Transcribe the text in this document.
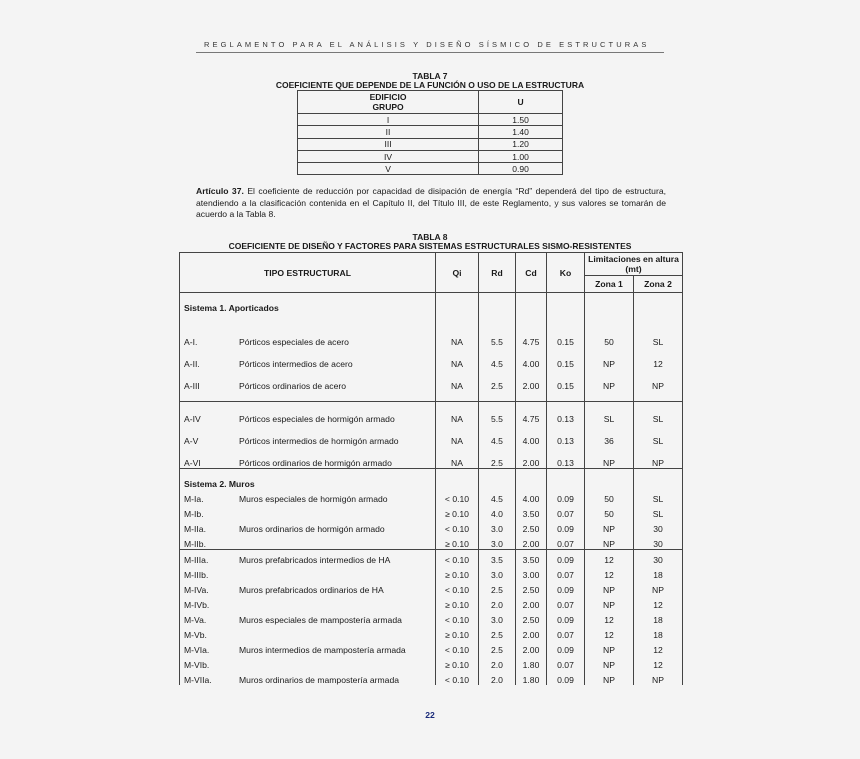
REGLAMENTO PARA EL ANÁLISIS Y DISEÑO SÍSMICO DE ESTRUCTURAS
TABLA 7
COEFICIENTE QUE DEPENDE DE LA FUNCIÓN O USO DE LA ESTRUCTURA
EDIFICIO
GRUPO	U
I	1.50
II	1.40
III	1.20
IV	1.00
V	0.90
Artículo 37. El coeficiente de reducción por capacidad de disipación de energía “Rd” dependerá del tipo de estructura, atendiendo a la clasificación contenida en el Capítulo II, del Título III, de este Reglamento, y sus valores se tomarán de acuerdo a la Tabla 8.
TABLA 8
COEFICIENTE DE DISEÑO Y FACTORES PARA SISTEMAS ESTRUCTURALES SISMO-RESISTENTES
TIPO ESTRUCTURAL	Qi	Rd	Cd	Ko	Limitaciones en altura (mt)	
					Zona 1	Zona 2
Sistema 1. Aporticados						

A-I. Pórticos especiales de acero	NA	5.5	4.75	0.15	50	SL
A-II. Pórticos intermedios de acero	NA	4.5	4.00	0.15	NP	12
A-III Pórticos ordinarios de acero	NA	2.5	2.00	0.15	NP	NP

A-IV Pórticos especiales de hormigón armado	NA	5.5	4.75	0.13	SL	SL
A-V Pórticos intermedios de hormigón armado	NA	4.5	4.00	0.13	36	SL
A-VI Pórticos ordinarios de hormigón armado	NA	2.5	2.00	0.13	NP	NP
Sistema 2. Muros						
M-Ia. Muros especiales de hormigón armado	< 0.10	4.5	4.00	0.09	50	SL
M-Ib.	≥ 0.10	4.0	3.50	0.07	50	SL
M-IIa. Muros ordinarios de hormigón armado	< 0.10	3.0	2.50	0.09	NP	30
M-IIb.	≥ 0.10	3.0	2.00	0.07	NP	30
M-IIIa. Muros prefabricados intermedios de HA	< 0.10	3.5	3.50	0.09	12	30
M-IIIb.	≥ 0.10	3.0	3.00	0.07	12	18
M-IVa. Muros prefabricados ordinarios de HA	< 0.10	2.5	2.50	0.09	NP	NP
M-IVb.	≥ 0.10	2.0	2.00	0.07	NP	12
M-Va. Muros especiales de mampostería armada	< 0.10	3.0	2.50	0.09	12	18
M-Vb.	≥ 0.10	2.5	2.00	0.07	12	18
M-VIa. Muros intermedios de mampostería armada	< 0.10	2.5	2.00	0.09	NP	12
M-VIb.	≥ 0.10	2.0	1.80	0.07	NP	12
M-VIIa. Muros ordinarios de mampostería armada	< 0.10	2.0	1.80	0.09	NP	NP
22
